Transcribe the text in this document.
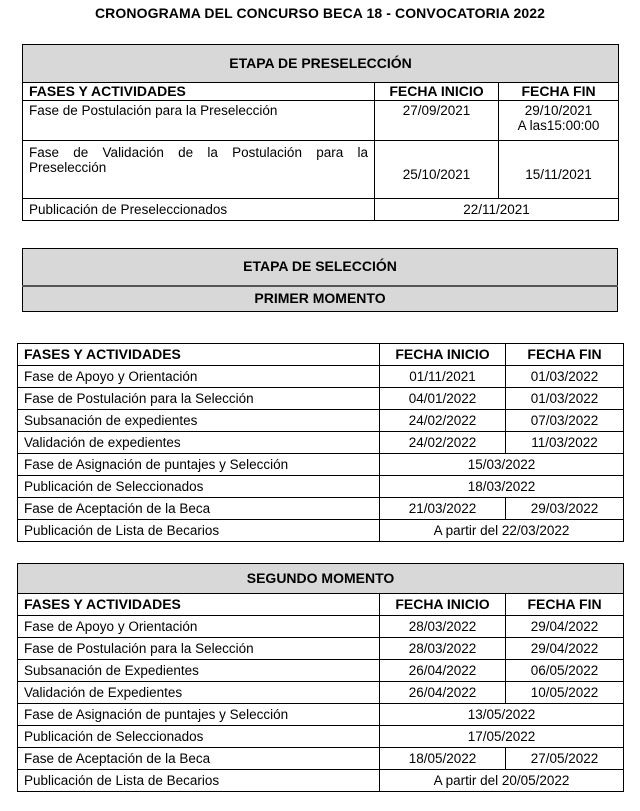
CRONOGRAMA DEL CONCURSO BECA 18 - CONVOCATORIA 2022
ETAPA DE PRESELECCIÓN		
FASES Y ACTIVIDADES	FECHA INICIO	FECHA FIN
Fase de Postulación para la Preselección	27/09/2021	29/10/2021
A las15:00:00

Fase de Validación de la Postulación para la Preselección	25/10/2021	15/11/2021
Publicación de Preseleccionados	22/11/2021	
ETAPA DE SELECCIÓN
PRIMER MOMENTO
FASES Y ACTIVIDADES	FECHA INICIO	FECHA FIN
Fase de Apoyo y Orientación	01/11/2021	01/03/2022
Fase de Postulación para la Selección	04/01/2022	01/03/2022
Subsanación de expedientes	24/02/2022	07/03/2022
Validación de expedientes	24/02/2022	11/03/2022
Fase de Asignación de puntajes y Selección	15/03/2022	
Publicación de Seleccionados	18/03/2022	
Fase de Aceptación de la Beca	21/03/2022	29/03/2022
Publicación de Lista de Becarios	A partir del 22/03/2022	
SEGUNDO MOMENTO		
FASES Y ACTIVIDADES	FECHA INICIO	FECHA FIN
Fase de Apoyo y Orientación	28/03/2022	29/04/2022
Fase de Postulación para la Selección	28/03/2022	29/04/2022
Subsanación de Expedientes	26/04/2022	06/05/2022
Validación de Expedientes	26/04/2022	10/05/2022
Fase de Asignación de puntajes y Selección	13/05/2022	
Publicación de Seleccionados	17/05/2022	
Fase de Aceptación de la Beca	18/05/2022	27/05/2022
Publicación de Lista de Becarios	A partir del 20/05/2022	
